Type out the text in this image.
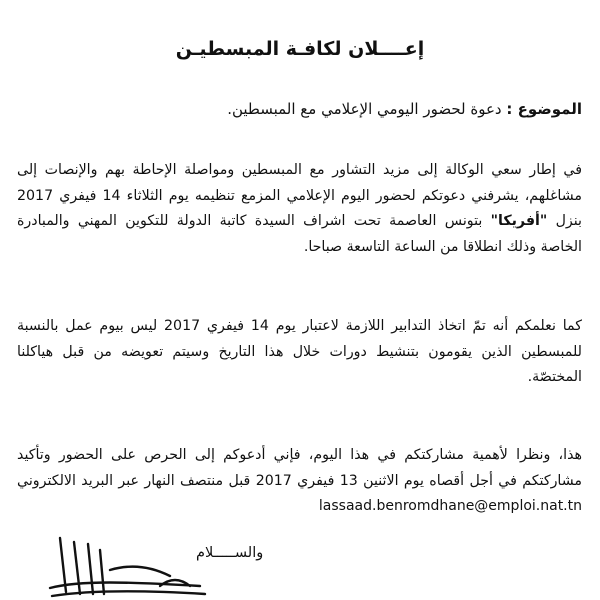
إعــــلان لكافـة المبسطيـن

الموضوع : دعوة لحضور اليومي الإعلامي مع المبسطين.

في إطار سعي الوكالة إلى مزيد التشاور مع المبسطين ومواصلة الإحاطة بهم والإنصات إلى مشاغلهم، يشرفني دعوتكم لحضور اليوم الإعلامي المزمع تنظيمه يوم الثلاثاء 14 فيفري 2017 بنزل "أفريكا" بتونس العاصمة تحت اشراف السيدة كاتبة الدولة للتكوين المهني والمبادرة الخاصة وذلك انطلاقا من الساعة التاسعة صباحا.

كما نعلمكم أنه تمّ اتخاذ التدابير اللازمة لاعتبار يوم 14 فيفري 2017 ليس بيوم عمل بالنسبة للمبسطين الذين يقومون بتنشيط دورات خلال هذا التاريخ وسيتم تعويضه من قبل هياكلنا المختصّة.

هذا، ونظرا لأهمية مشاركتكم في هذا اليوم، فإني أدعوكم إلى الحرص على الحضور وتأكيد مشاركتكم في أجل أقصاه يوم الاثنين 13 فيفري 2017 قبل منتصف النهار عبر البريد الالكتروني lassaad.benromdhane@emploi.nat.tn

والســـــلام
